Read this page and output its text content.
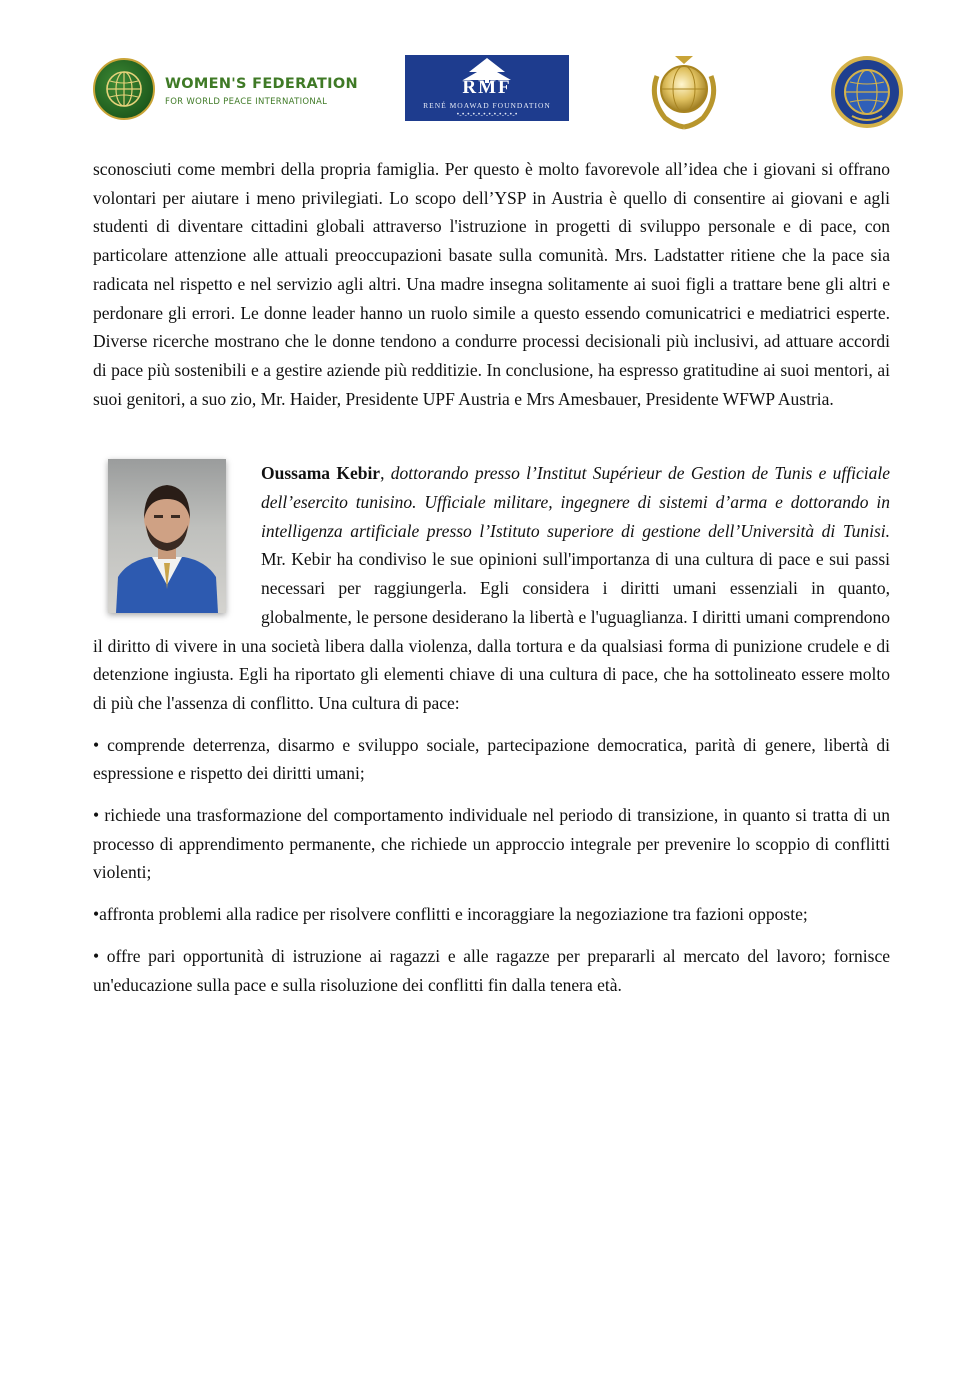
WOMEN'S FEDERATION
FOR WORLD PEACE INTERNATIONAL
RMF
RENÉ MOAWAD FOUNDATION
•ـ•ـ•ـ•ـ•ـ•ـ•ـ•ـ•ـ•ـ•ـ•

sconosciuti come membri della propria famiglia. Per questo è molto favorevole all’idea che i giovani si offrano volontari per aiutare i meno privilegiati. Lo scopo dell’YSP in Austria è quello di consentire ai giovani e agli studenti di diventare cittadini globali attraverso l'istruzione in progetti di sviluppo personale e di pace, con particolare attenzione alle attuali preoccupazioni basate sulla comunità. Mrs. Ladstatter ritiene che la pace sia radicata nel rispetto e nel servizio agli altri. Una madre insegna solitamente ai suoi figli a trattare bene gli altri e perdonare gli errori. Le donne leader hanno un ruolo simile a questo essendo comunicatrici e mediatrici esperte. Diverse ricerche mostrano che le donne tendono a condurre processi decisionali più inclusivi, ad attuare accordi di pace più sostenibili e a gestire aziende più redditizie. In conclusione, ha espresso gratitudine ai suoi mentori, ai suoi genitori, a suo zio, Mr. Haider, Presidente UPF Austria e Mrs Amesbauer, Presidente WFWP Austria.

Oussama Kebir, dottorando presso l’Institut Supérieur de Gestion de Tunis e ufficiale dell’esercito tunisino. Ufficiale militare, ingegnere di sistemi d’arma e dottorando in intelligenza artificiale presso l’Istituto superiore di gestione dell’Università di Tunisi. Mr. Kebir ha condiviso le sue opinioni sull'importanza di una cultura di pace e sui passi necessari per raggiungerla. Egli considera i diritti umani essenziali in quanto, globalmente, le persone desiderano la libertà e l'uguaglianza. I diritti umani comprendono il diritto di vivere in una società libera dalla violenza, dalla tortura e da qualsiasi forma di punizione crudele e di detenzione ingiusta. Egli ha riportato gli elementi chiave di una cultura di pace, che ha sottolineato essere molto di più che l'assenza di conflitto. Una cultura di pace:

• comprende deterrenza, disarmo e sviluppo sociale, partecipazione democratica, parità di genere, libertà di espressione e rispetto dei diritti umani;

• richiede una trasformazione del comportamento individuale nel periodo di transizione, in quanto si tratta di un processo di apprendimento permanente, che richiede un approccio integrale per prevenire lo scoppio di conflitti violenti;

•affronta problemi alla radice per risolvere conflitti e incoraggiare la negoziazione tra fazioni opposte;

• offre pari opportunità di istruzione ai ragazzi e alle ragazze per prepararli al mercato del lavoro; fornisce un'educazione sulla pace e sulla risoluzione dei conflitti fin dalla tenera età.
